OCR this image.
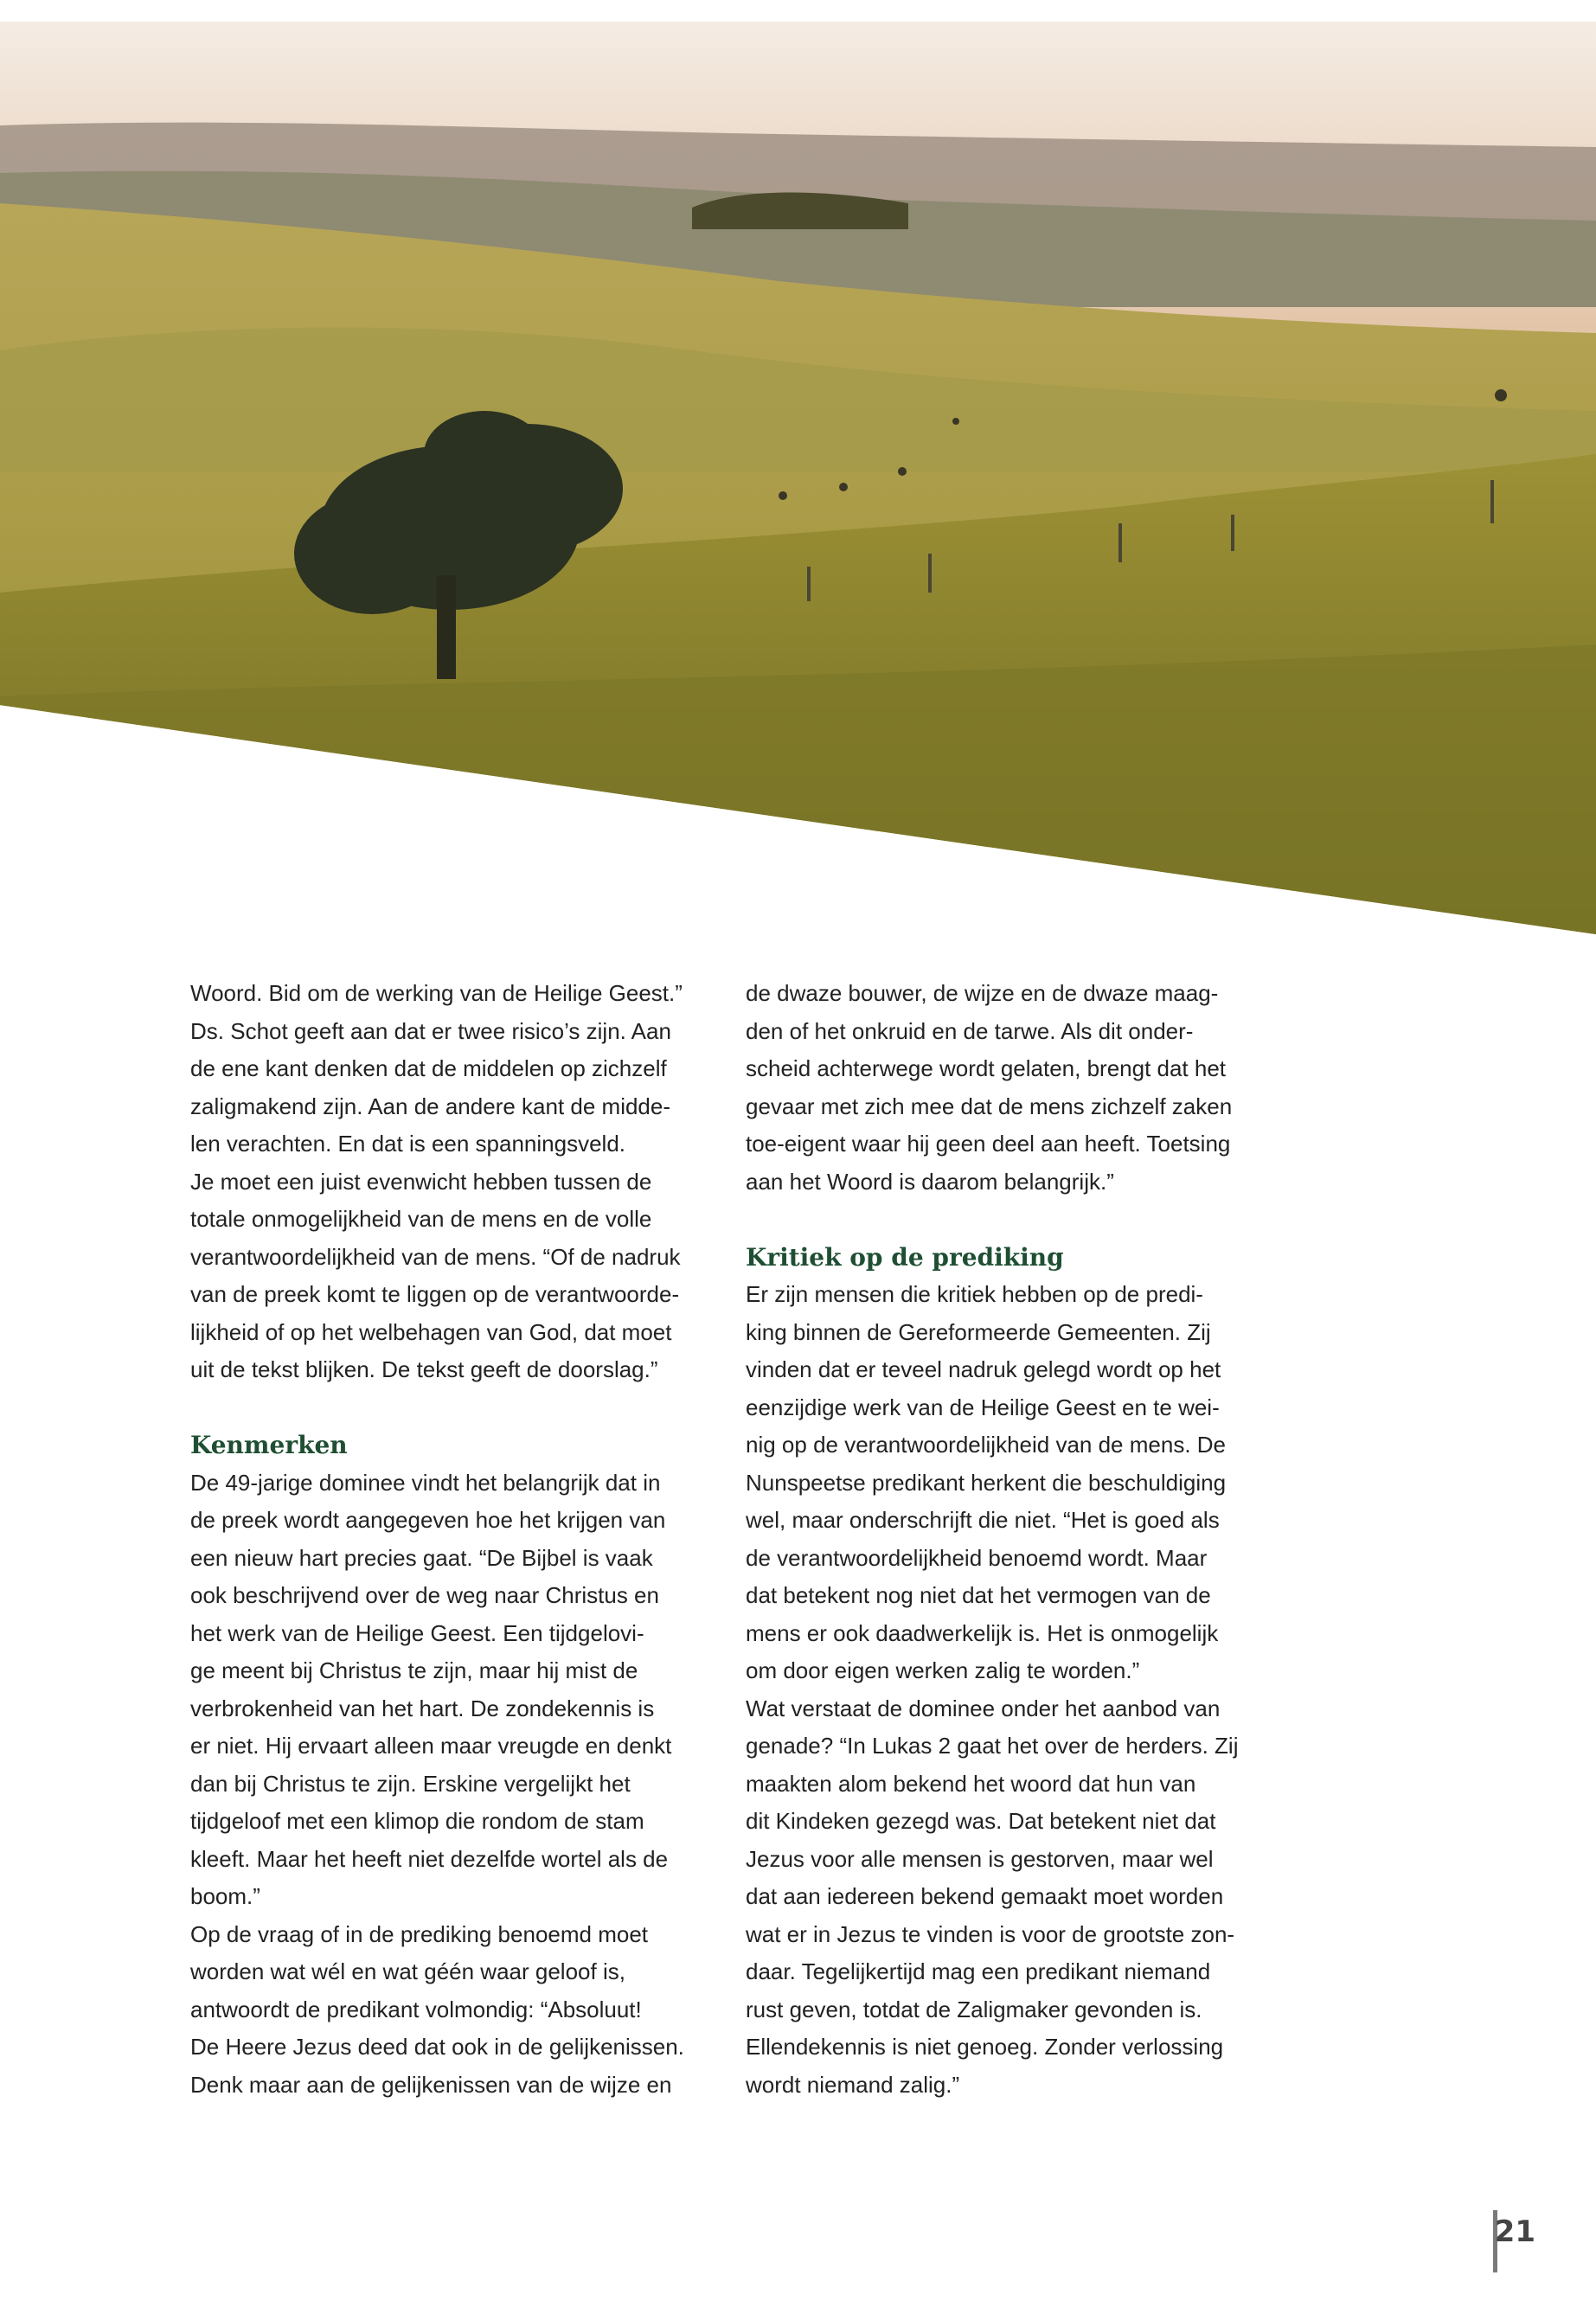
Woord. Bid om de werking van de Heilige Geest.”
Ds. Schot geeft aan dat er twee risico’s zijn. Aan
de ene kant denken dat de middelen op zichzelf
zaligmakend zijn. Aan de andere kant de midde-
len verachten. En dat is een spanningsveld.

Je moet een juist evenwicht hebben tussen de
totale onmogelijkheid van de mens en de volle
verantwoordelijkheid van de mens. “Of de nadruk
van de preek komt te liggen op de verantwoorde-
lijkheid of op het welbehagen van God, dat moet
uit de tekst blijken. De tekst geeft de doorslag.”

Kenmerken

De 49-jarige dominee vindt het belangrijk dat in
de preek wordt aangegeven hoe het krijgen van
een nieuw hart precies gaat. “De Bijbel is vaak
ook beschrijvend over de weg naar Christus en
het werk van de Heilige Geest. Een tijdgelovi-
ge meent bij Christus te zijn, maar hij mist de
verbrokenheid van het hart. De zondekennis is
er niet. Hij ervaart alleen maar vreugde en denkt
dan bij Christus te zijn. Erskine vergelijkt het
tijdgeloof met een klimop die rondom de stam
kleeft. Maar het heeft niet dezelfde wortel als de
boom.”

Op de vraag of in de prediking benoemd moet
worden wat wél en wat géén waar geloof is,
antwoordt de predikant volmondig: “Absoluut!
De Heere Jezus deed dat ook in de gelijkenissen.
Denk maar aan de gelijkenissen van de wijze en

de dwaze bouwer, de wijze en de dwaze maag-
den of het onkruid en de tarwe. Als dit onder-
scheid achterwege wordt gelaten, brengt dat het
gevaar met zich mee dat de mens zichzelf zaken
toe-eigent waar hij geen deel aan heeft. Toetsing
aan het Woord is daarom belangrijk.”

Kritiek op de prediking

Er zijn mensen die kritiek hebben op de predi-
king binnen de Gereformeerde Gemeenten. Zij
vinden dat er teveel nadruk gelegd wordt op het
eenzijdige werk van de Heilige Geest en te wei-
nig op de verantwoordelijkheid van de mens. De
Nunspeetse predikant herkent die beschuldiging
wel, maar onderschrijft die niet. “Het is goed als
de verantwoordelijkheid benoemd wordt. Maar
dat betekent nog niet dat het vermogen van de
mens er ook daadwerkelijk is. Het is onmogelijk
om door eigen werken zalig te worden.”

Wat verstaat de dominee onder het aanbod van
genade? “In Lukas 2 gaat het over de herders. Zij
maakten alom bekend het woord dat hun van
dit Kindeken gezegd was. Dat betekent niet dat
Jezus voor alle mensen is gestorven, maar wel
dat aan iedereen bekend gemaakt moet worden
wat er in Jezus te vinden is voor de grootste zon-
daar. Tegelijkertijd mag een predikant niemand
rust geven, totdat de Zaligmaker gevonden is.
Ellendekennis is niet genoeg. Zonder verlossing
wordt niemand zalig.”

21
